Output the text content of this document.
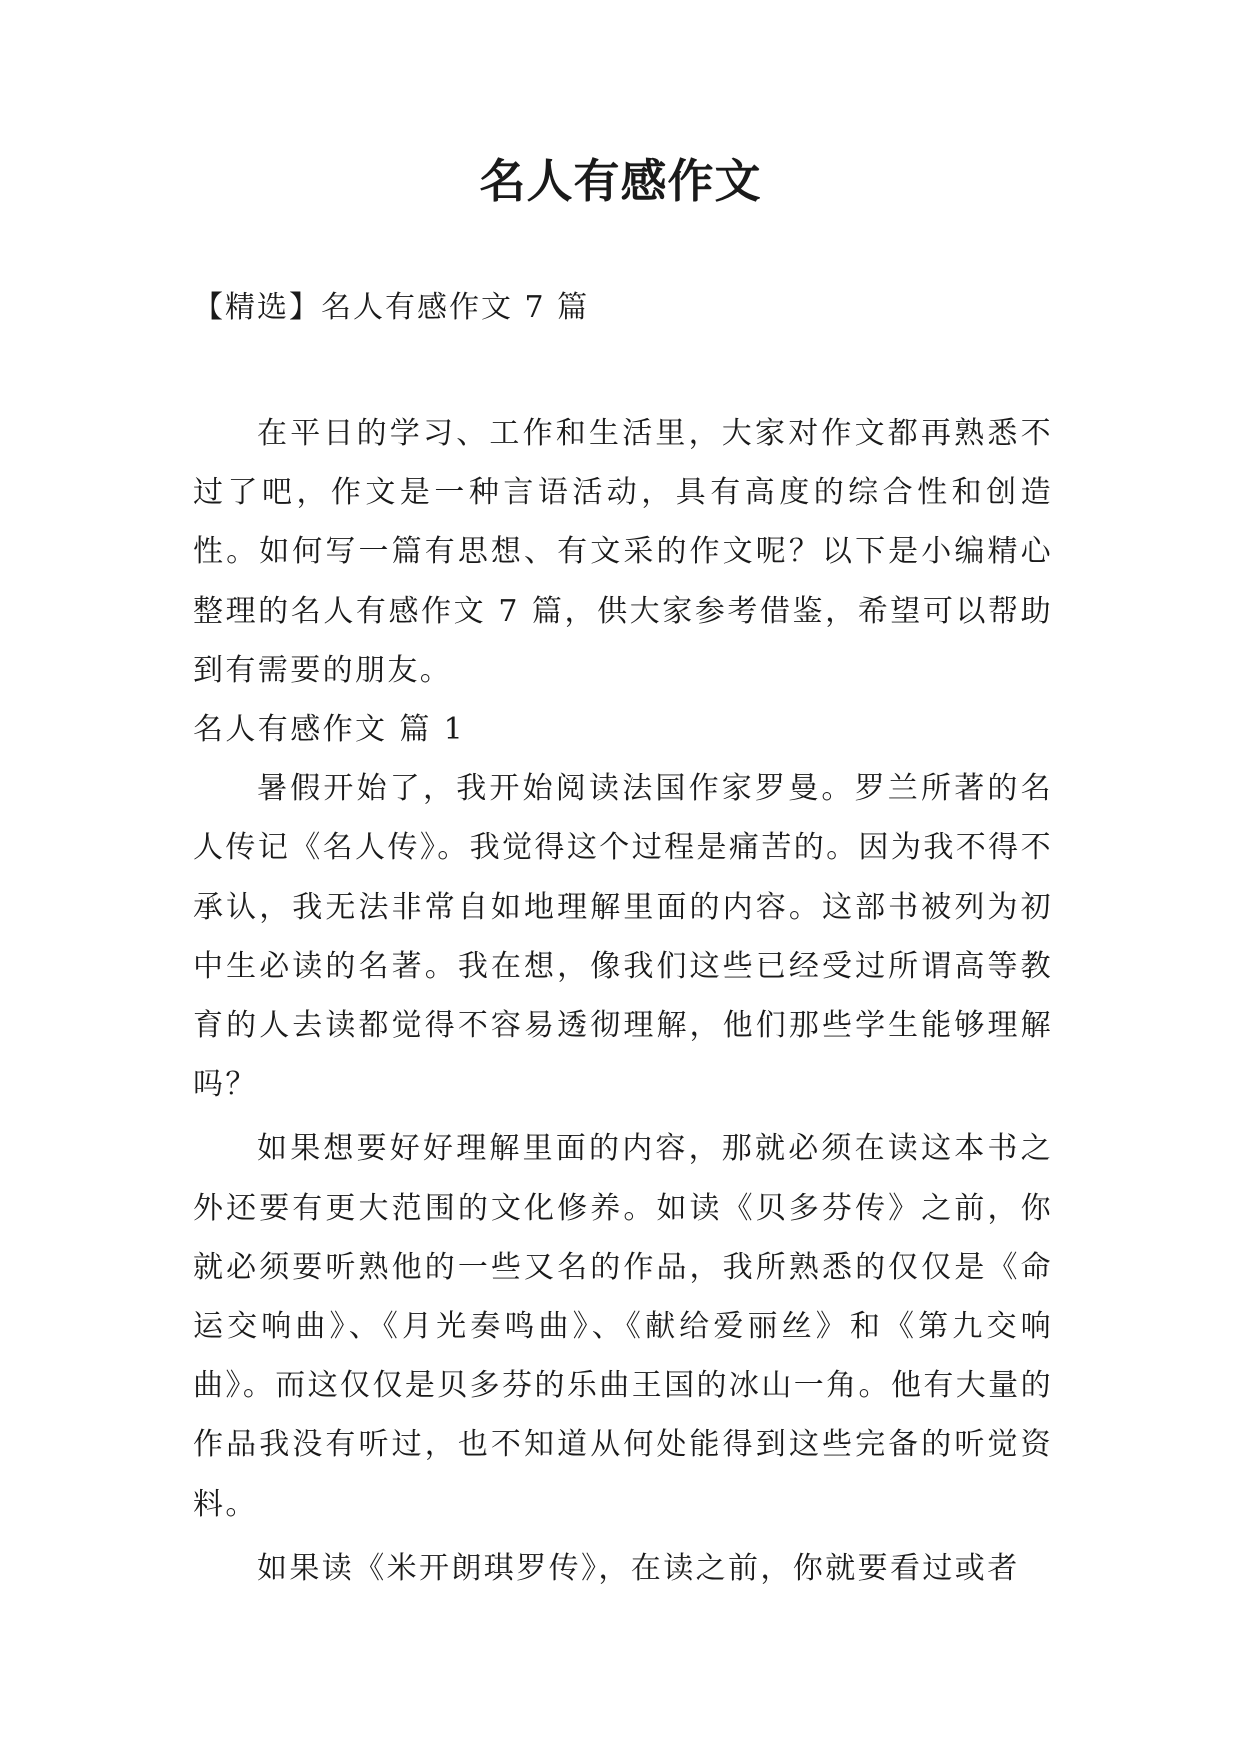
名人有感作文

【精选】名人有感作文 7 篇

在平日的学习、工作和生活里，大家对作文都再熟悉不过了吧，作文是一种言语活动，具有高度的综合性和创造性。如何写一篇有思想、有文采的作文呢？以下是小编精心整理的名人有感作文 7 篇，供大家参考借鉴，希望可以帮助到有需要的朋友。

名人有感作文 篇 1

暑假开始了，我开始阅读法国作家罗曼。罗兰所著的名人传记《名人传》。我觉得这个过程是痛苦的。因为我不得不承认，我无法非常自如地理解里面的内容。这部书被列为初中生必读的名著。我在想，像我们这些已经受过所谓高等教育的人去读都觉得不容易透彻理解，他们那些学生能够理解吗？

如果想要好好理解里面的内容，那就必须在读这本书之外还要有更大范围的文化修养。如读《贝多芬传》之前，你就必须要听熟他的一些又名的作品，我所熟悉的仅仅是《命运交响曲》、《月光奏鸣曲》、《献给爱丽丝》和《第九交响曲》。而这仅仅是贝多芬的乐曲王国的冰山一角。他有大量的作品我没有听过，也不知道从何处能得到这些完备的听觉资料。

如果读《米开朗琪罗传》，在读之前，你就要看过或者
